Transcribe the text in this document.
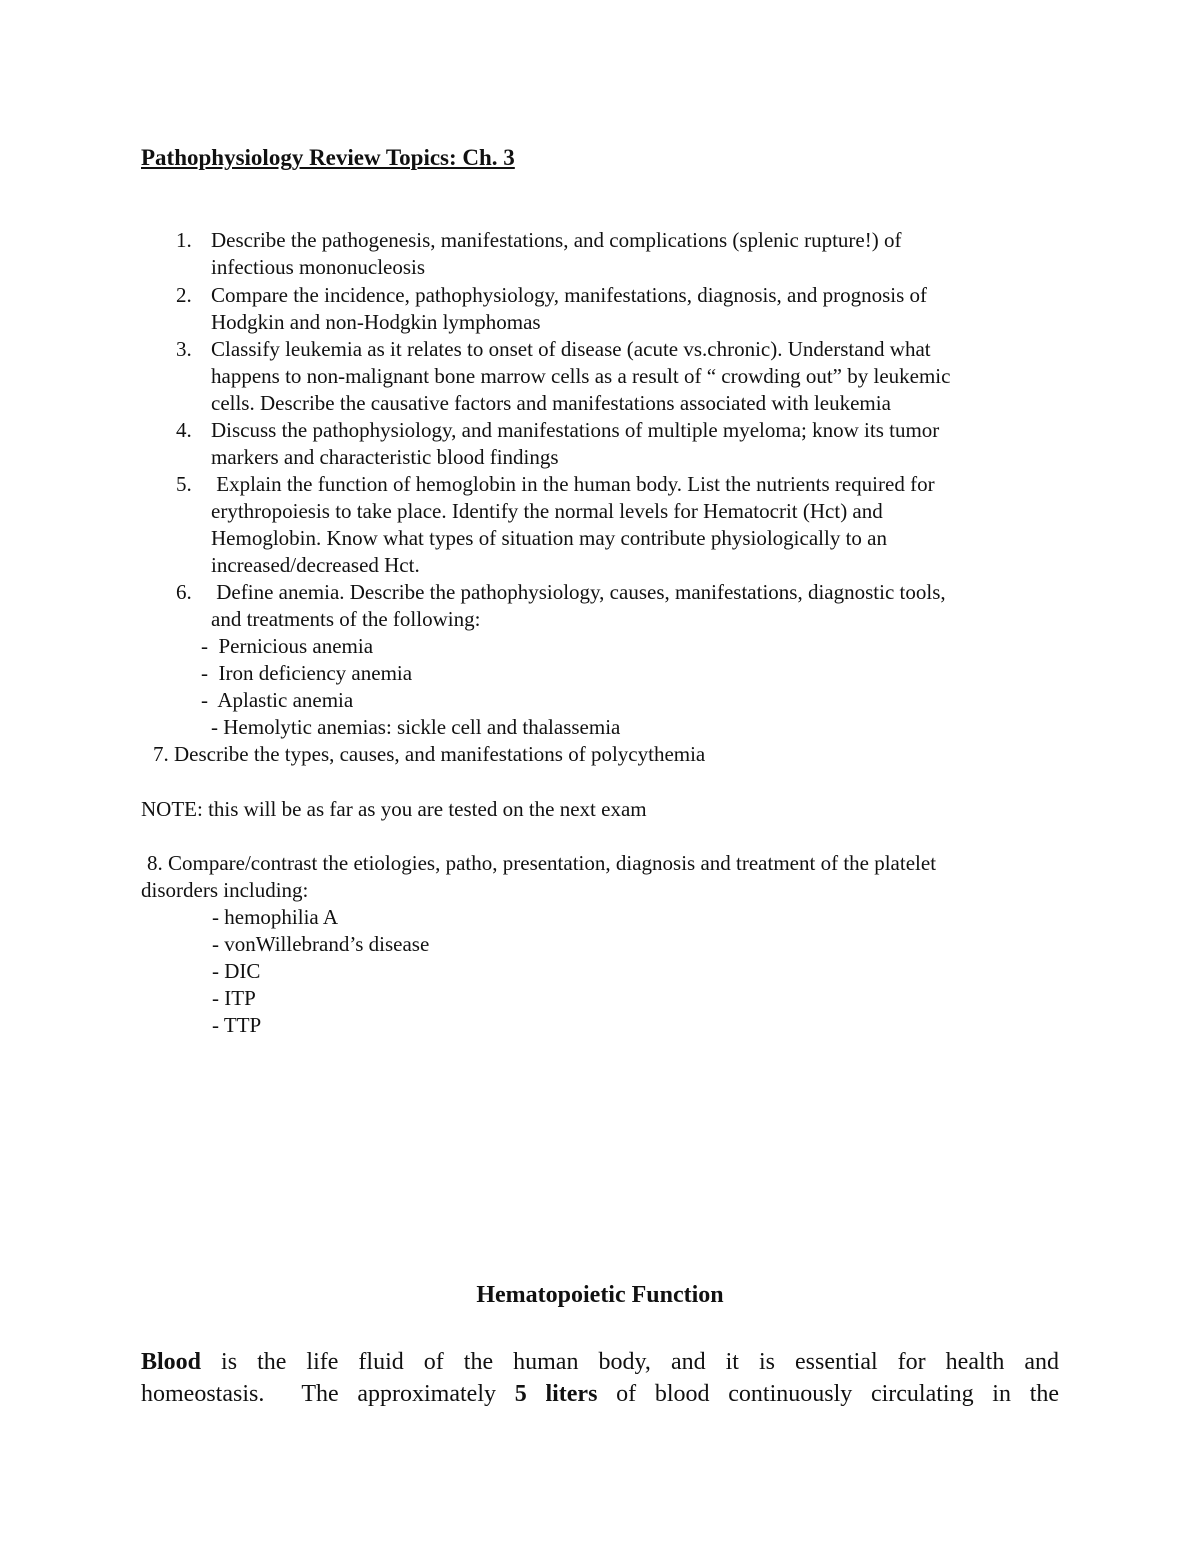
Pathophysiology Review Topics: Ch. 3
1. Describe the pathogenesis, manifestations, and complications (splenic rupture!) of
infectious mononucleosis
2. Compare the incidence, pathophysiology, manifestations, diagnosis, and prognosis of
Hodgkin and non-Hodgkin lymphomas
3. Classify leukemia as it relates to onset of disease (acute vs.chronic). Understand what
happens to non-malignant bone marrow cells as a result of “ crowding out” by leukemic
cells. Describe the causative factors and manifestations associated with leukemia
4. Discuss the pathophysiology, and manifestations of multiple myeloma; know its tumor
markers and characteristic blood findings
5. Explain the function of hemoglobin in the human body. List the nutrients required for
erythropoiesis to take place. Identify the normal levels for Hematocrit (Hct) and
Hemoglobin. Know what types of situation may contribute physiologically to an
increased/decreased Hct.
6. Define anemia. Describe the pathophysiology, causes, manifestations, diagnostic tools,
and treatments of the following:
-  Pernicious anemia
-  Iron deficiency anemia
-  Aplastic anemia
- Hemolytic anemias: sickle cell and thalassemia
7. Describe the types, causes, and manifestations of polycythemia
NOTE: this will be as far as you are tested on the next exam
8. Compare/contrast the etiologies, patho, presentation, diagnosis and treatment of the platelet
disorders including:
- hemophilia A
- vonWillebrand’s disease
- DIC
- ITP
- TTP
Hematopoietic Function
Blood is the life fluid of the human body, and it is essential for health and
homeostasis.  The approximately 5 liters of blood continuously circulating in the
